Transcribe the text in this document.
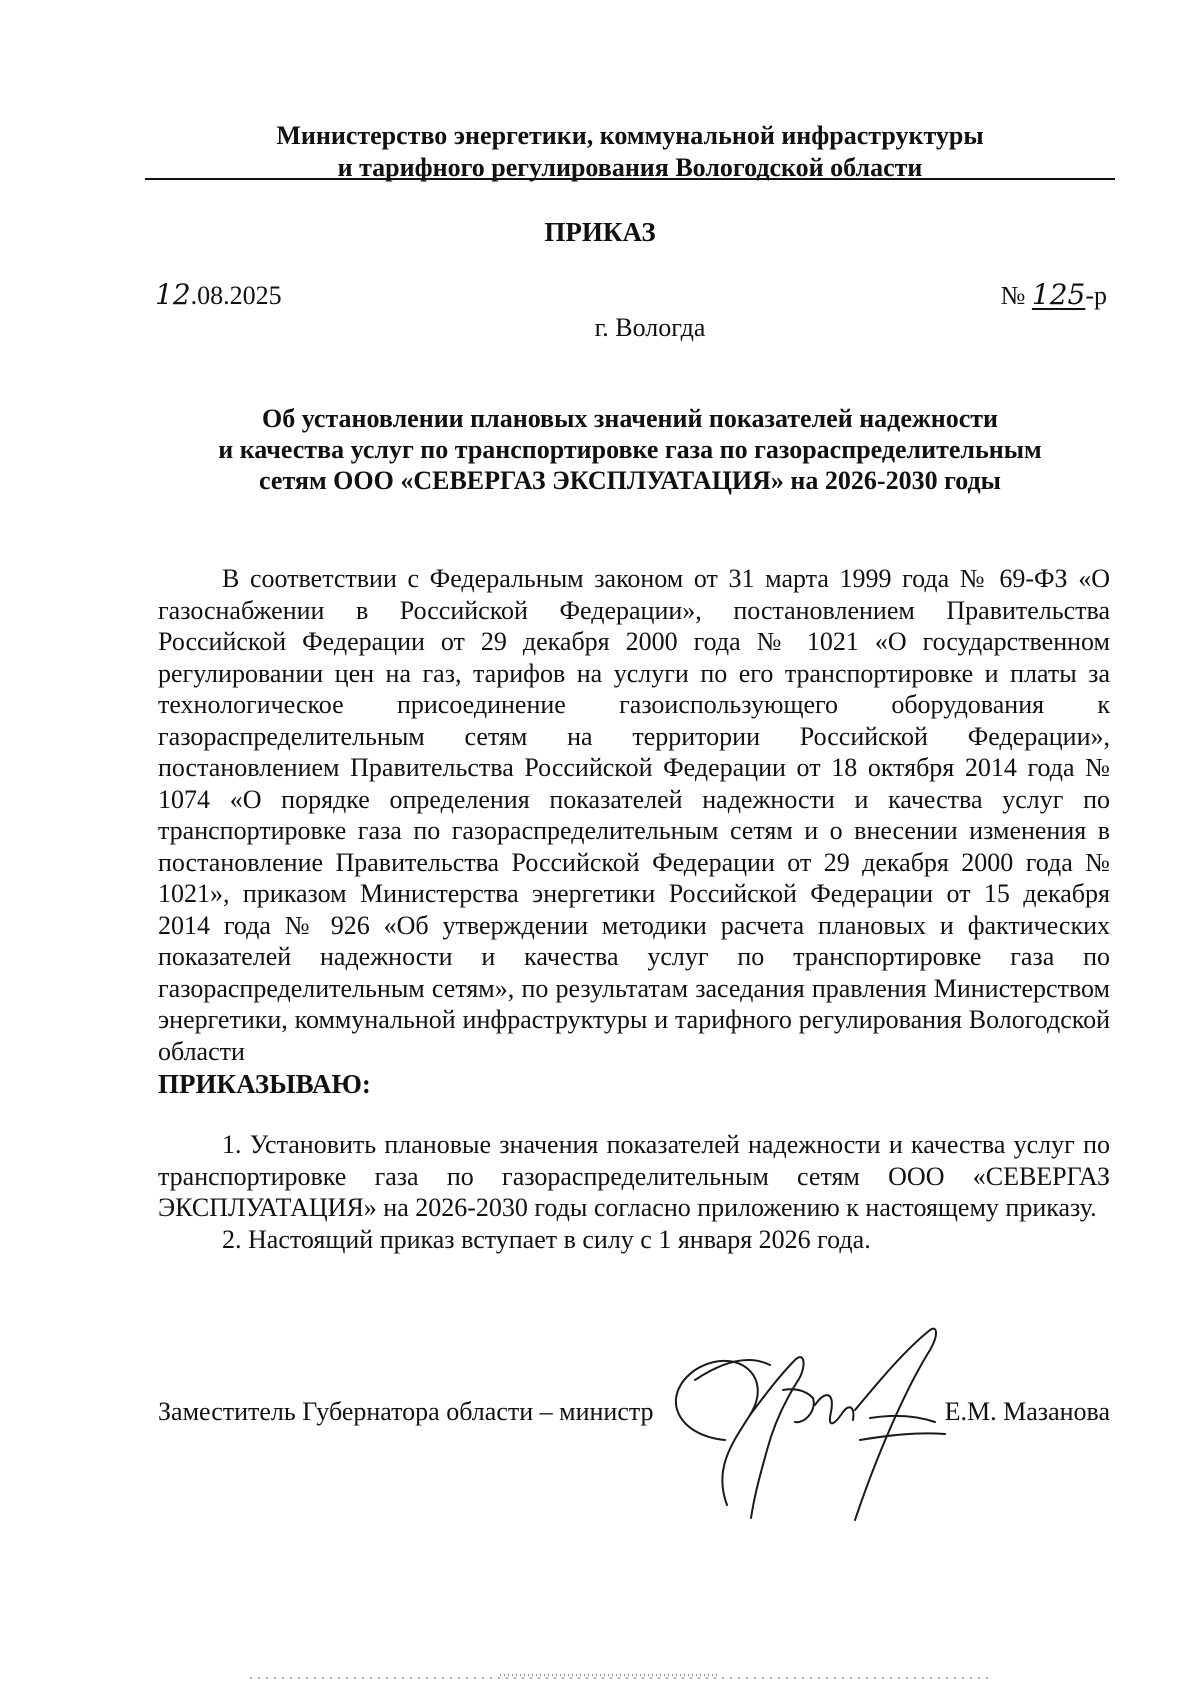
Министерство энергетики, коммунальной инфраструктуры
и тарифного регулирования Вологодской области
ПРИКАЗ
12.08.2025	№ 125-р
г. Вологда
Об установлении плановых значений показателей надежности
и качества услуг по транспортировке газа по газораспределительным
сетям ООО «СЕВЕРГАЗ ЭКСПЛУАТАЦИЯ» на 2026-2030 годы

В соответствии с Федеральным законом от 31 марта 1999 года № 69-ФЗ «О газоснабжении в Российской Федерации», постановлением Правительства Российской Федерации от 29 декабря 2000 года № 1021 «О государственном регулировании цен на газ, тарифов на услуги по его транспортировке и платы за технологическое присоединение газоиспользующего оборудования к газораспределительным сетям на территории Российской Федерации», постановлением Правительства Российской Федерации от 18 октября 2014 года № 1074 «О порядке определения показателей надежности и качества услуг по транспортировке газа по газораспределительным сетям и о внесении изменения в постановление Правительства Российской Федерации от 29 декабря 2000 года № 1021», приказом Министерства энергетики Российской Федерации от 15 декабря 2014 года № 926 «Об утверждении методики расчета плановых и фактических показателей надежности и качества услуг по транспортировке газа по газораспределительным сетям», по результатам заседания правления Министерством энергетики, коммунальной инфраструктуры и тарифного регулирования Вологодской области

ПРИКАЗЫВАЮ:

1. Установить плановые значения показателей надежности и качества услуг по транспортировке газа по газораспределительным сетям ООО «СЕВЕРГАЗ ЭКСПЛУАТАЦИЯ» на 2026-2030 годы согласно приложению к настоящему приказу.

2. Настоящий приказ вступает в силу с 1 января 2026 года.

Заместитель Губернатора области – министр	Е.М. Мазанова
